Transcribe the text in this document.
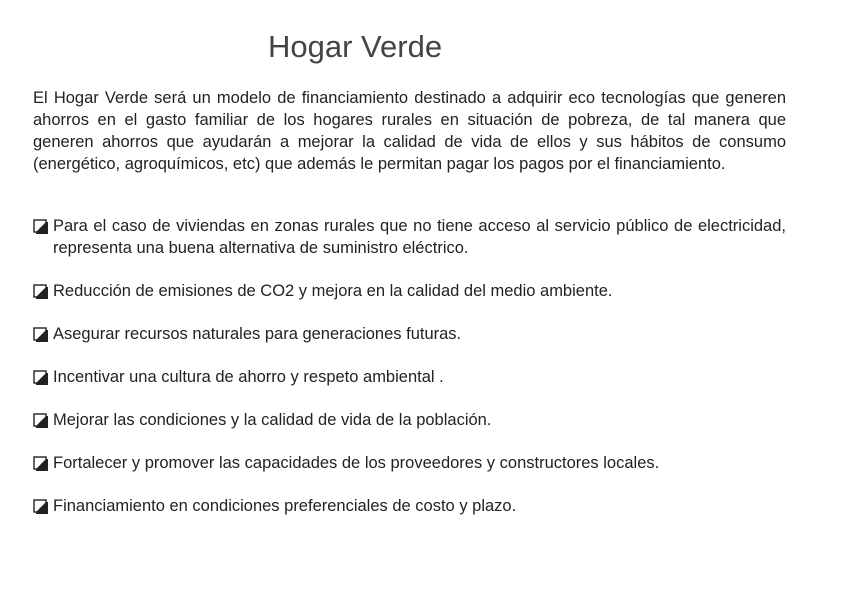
Hogar Verde

El Hogar Verde será un modelo de financiamiento destinado a adquirir eco tecnologías que generen ahorros en el gasto familiar de los hogares rurales en situación de pobreza, de tal manera que generen ahorros que ayudarán a mejorar la calidad de vida de ellos y sus hábitos de consumo (energético, agroquímicos, etc) que además le permitan pagar los pagos por el financiamiento.

Para el caso de viviendas en zonas rurales que no tiene acceso al servicio público de electricidad, representa una buena alternativa de suministro eléctrico.
Reducción de emisiones de CO2 y mejora en la calidad del medio ambiente.
Asegurar recursos naturales para generaciones futuras.
Incentivar una cultura de ahorro y respeto ambiental .
Mejorar las condiciones y la calidad de vida de la población.
Fortalecer y promover las capacidades de los proveedores y constructores locales.
Financiamiento en condiciones preferenciales de costo y plazo.
